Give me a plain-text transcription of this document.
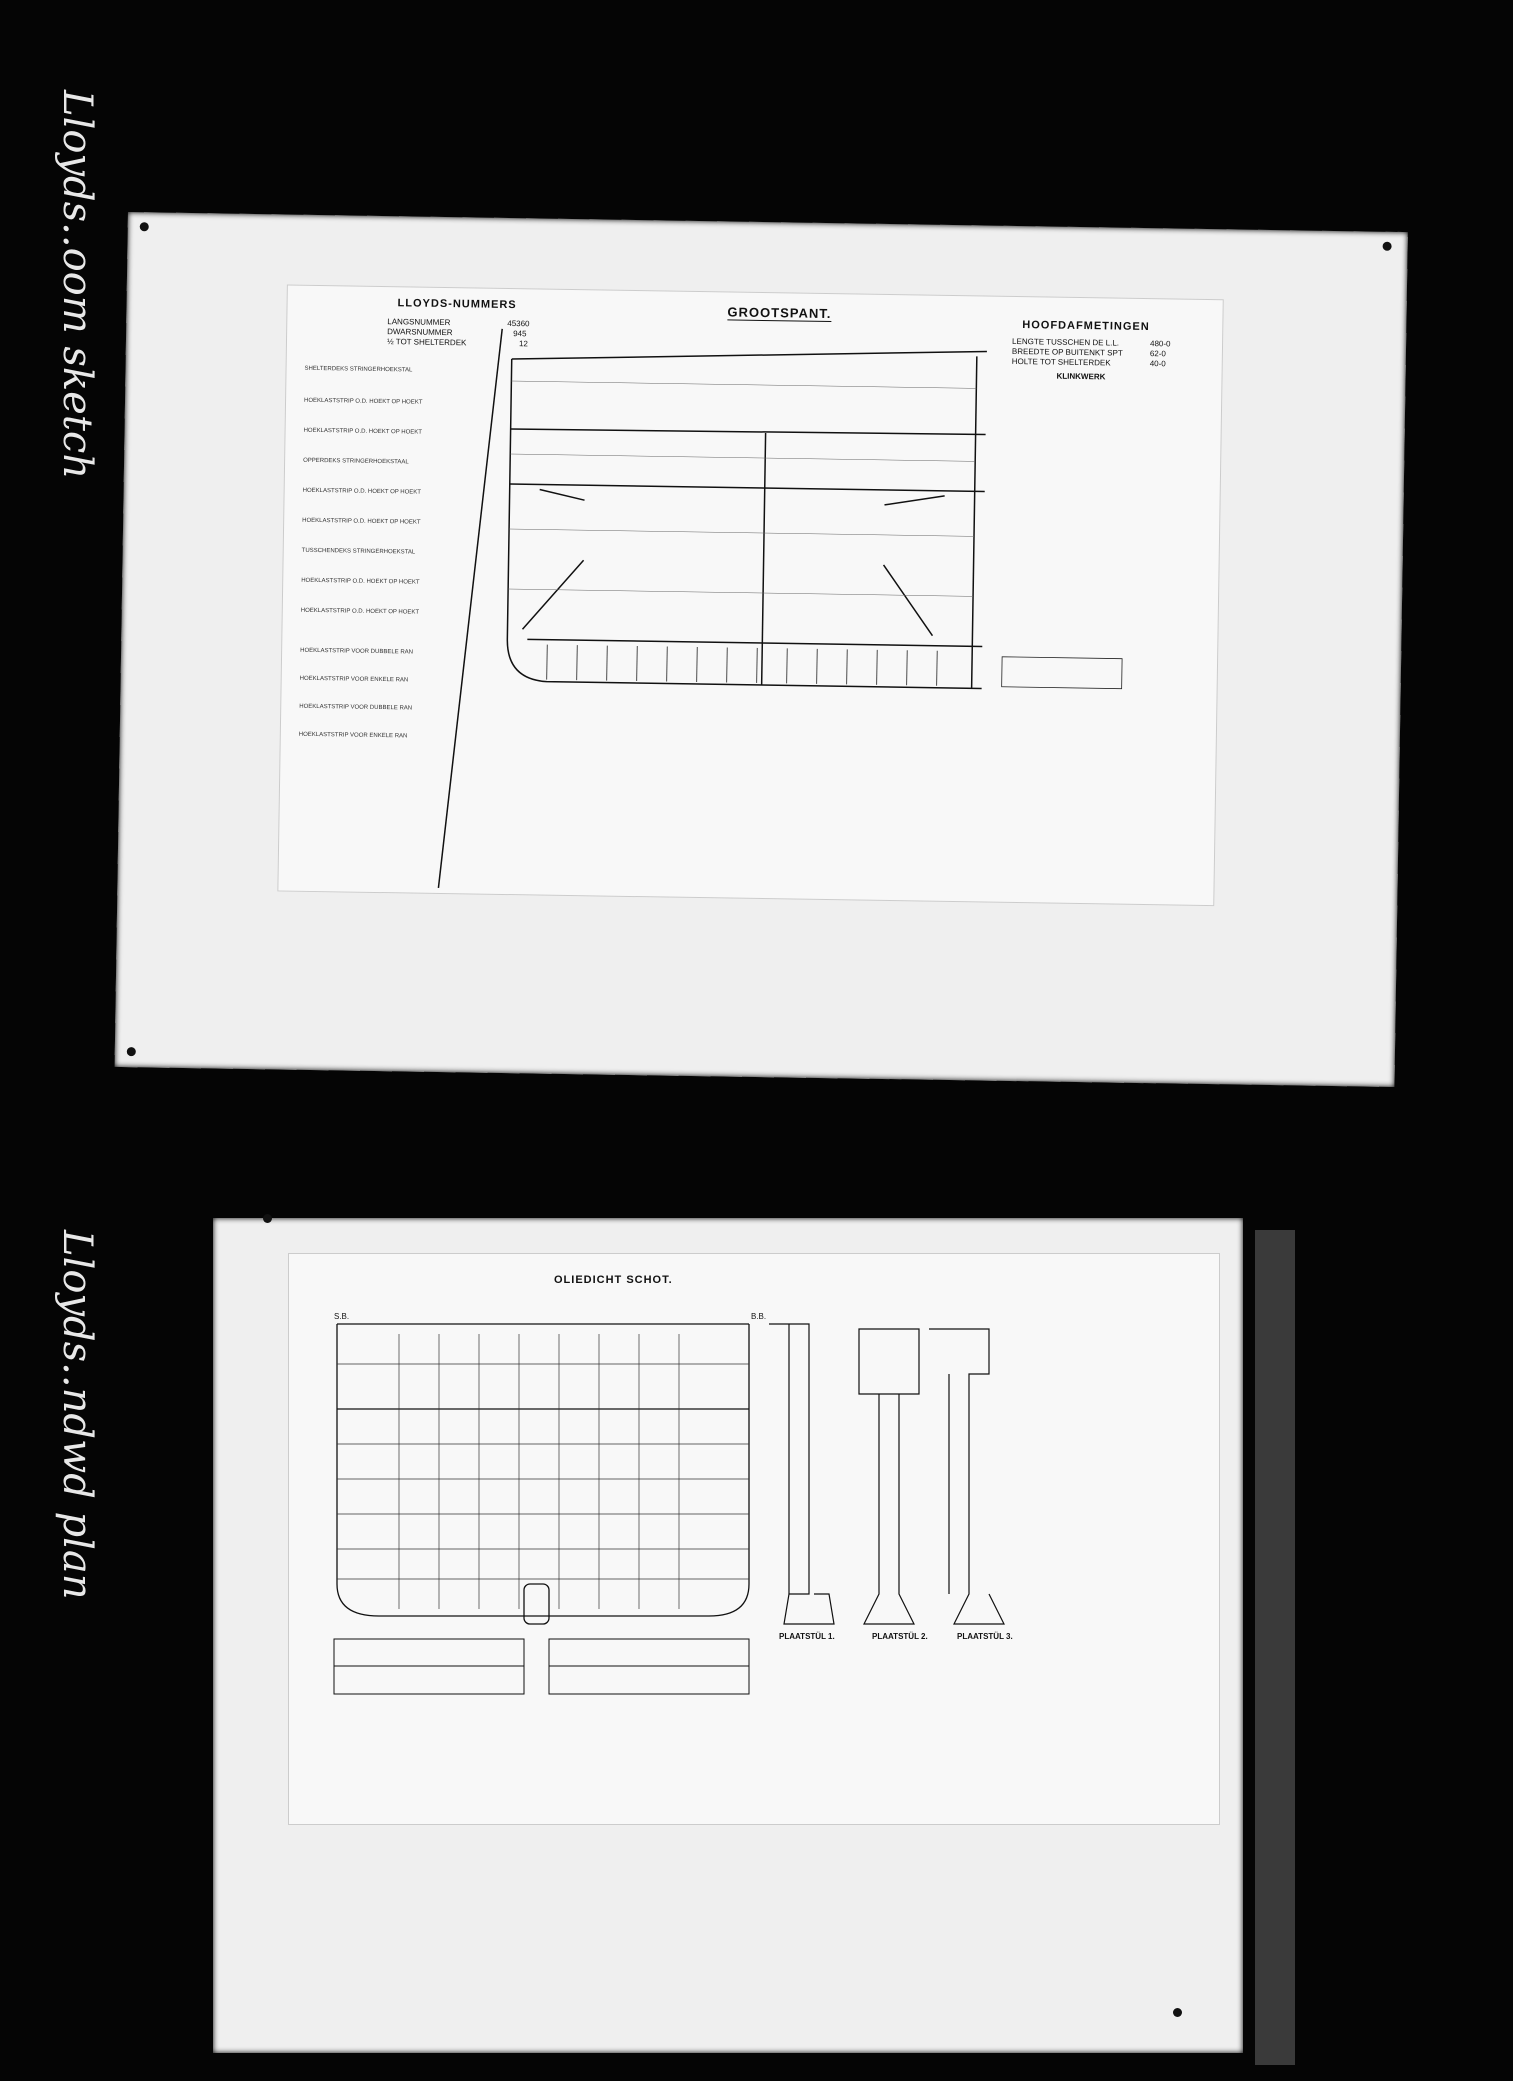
Lloyds..oom sketch
Lloyds..ndwd plan
LLOYDS-NUMMERS
LANGSNUMMER	45360
DWARSNUMMER	945
½ TOT SHELTERDEK	12
GROOTSPANT.
HOOFDAFMETINGEN
LENGTE TUSSCHEN DE L.L.	480-0
BREEDTE OP BUITENKT SPT	62-0
HOLTE TOT SHELTERDEK	40-0
KLINKWERK
SHELTERDEKS STRINGERHOEKSTAL
HOEKLASTSTRIP O.D. HOEKT OP HOEKT
HOEKLASTSTRIP O.D. HOEKT OP HOEKT
OPPERDEKS STRINGERHOEKSTAAL
HOEKLASTSTRIP O.D. HOEKT OP HOEKT
HOEKLASTSTRIP O.D. HOEKT OP HOEKT
TUSSCHENDEKS STRINGERHOEKSTAL
HOEKLASTSTRIP O.D. HOEKT OP HOEKT
HOEKLASTSTRIP O.D. HOEKT OP HOEKT
HOEKLASTSTRIP VOOR DUBBELE RAN
HOEKLASTSTRIP VOOR ENKELE RAN
HOEKLASTSTRIP VOOR DUBBELE RAN
HOEKLASTSTRIP VOOR ENKELE RAN
OLIEDICHT SCHOT.
S.B.	B.B.
PLAATSTÜL 1.	PLAATSTÜL 2.	PLAATSTÜL 3.
